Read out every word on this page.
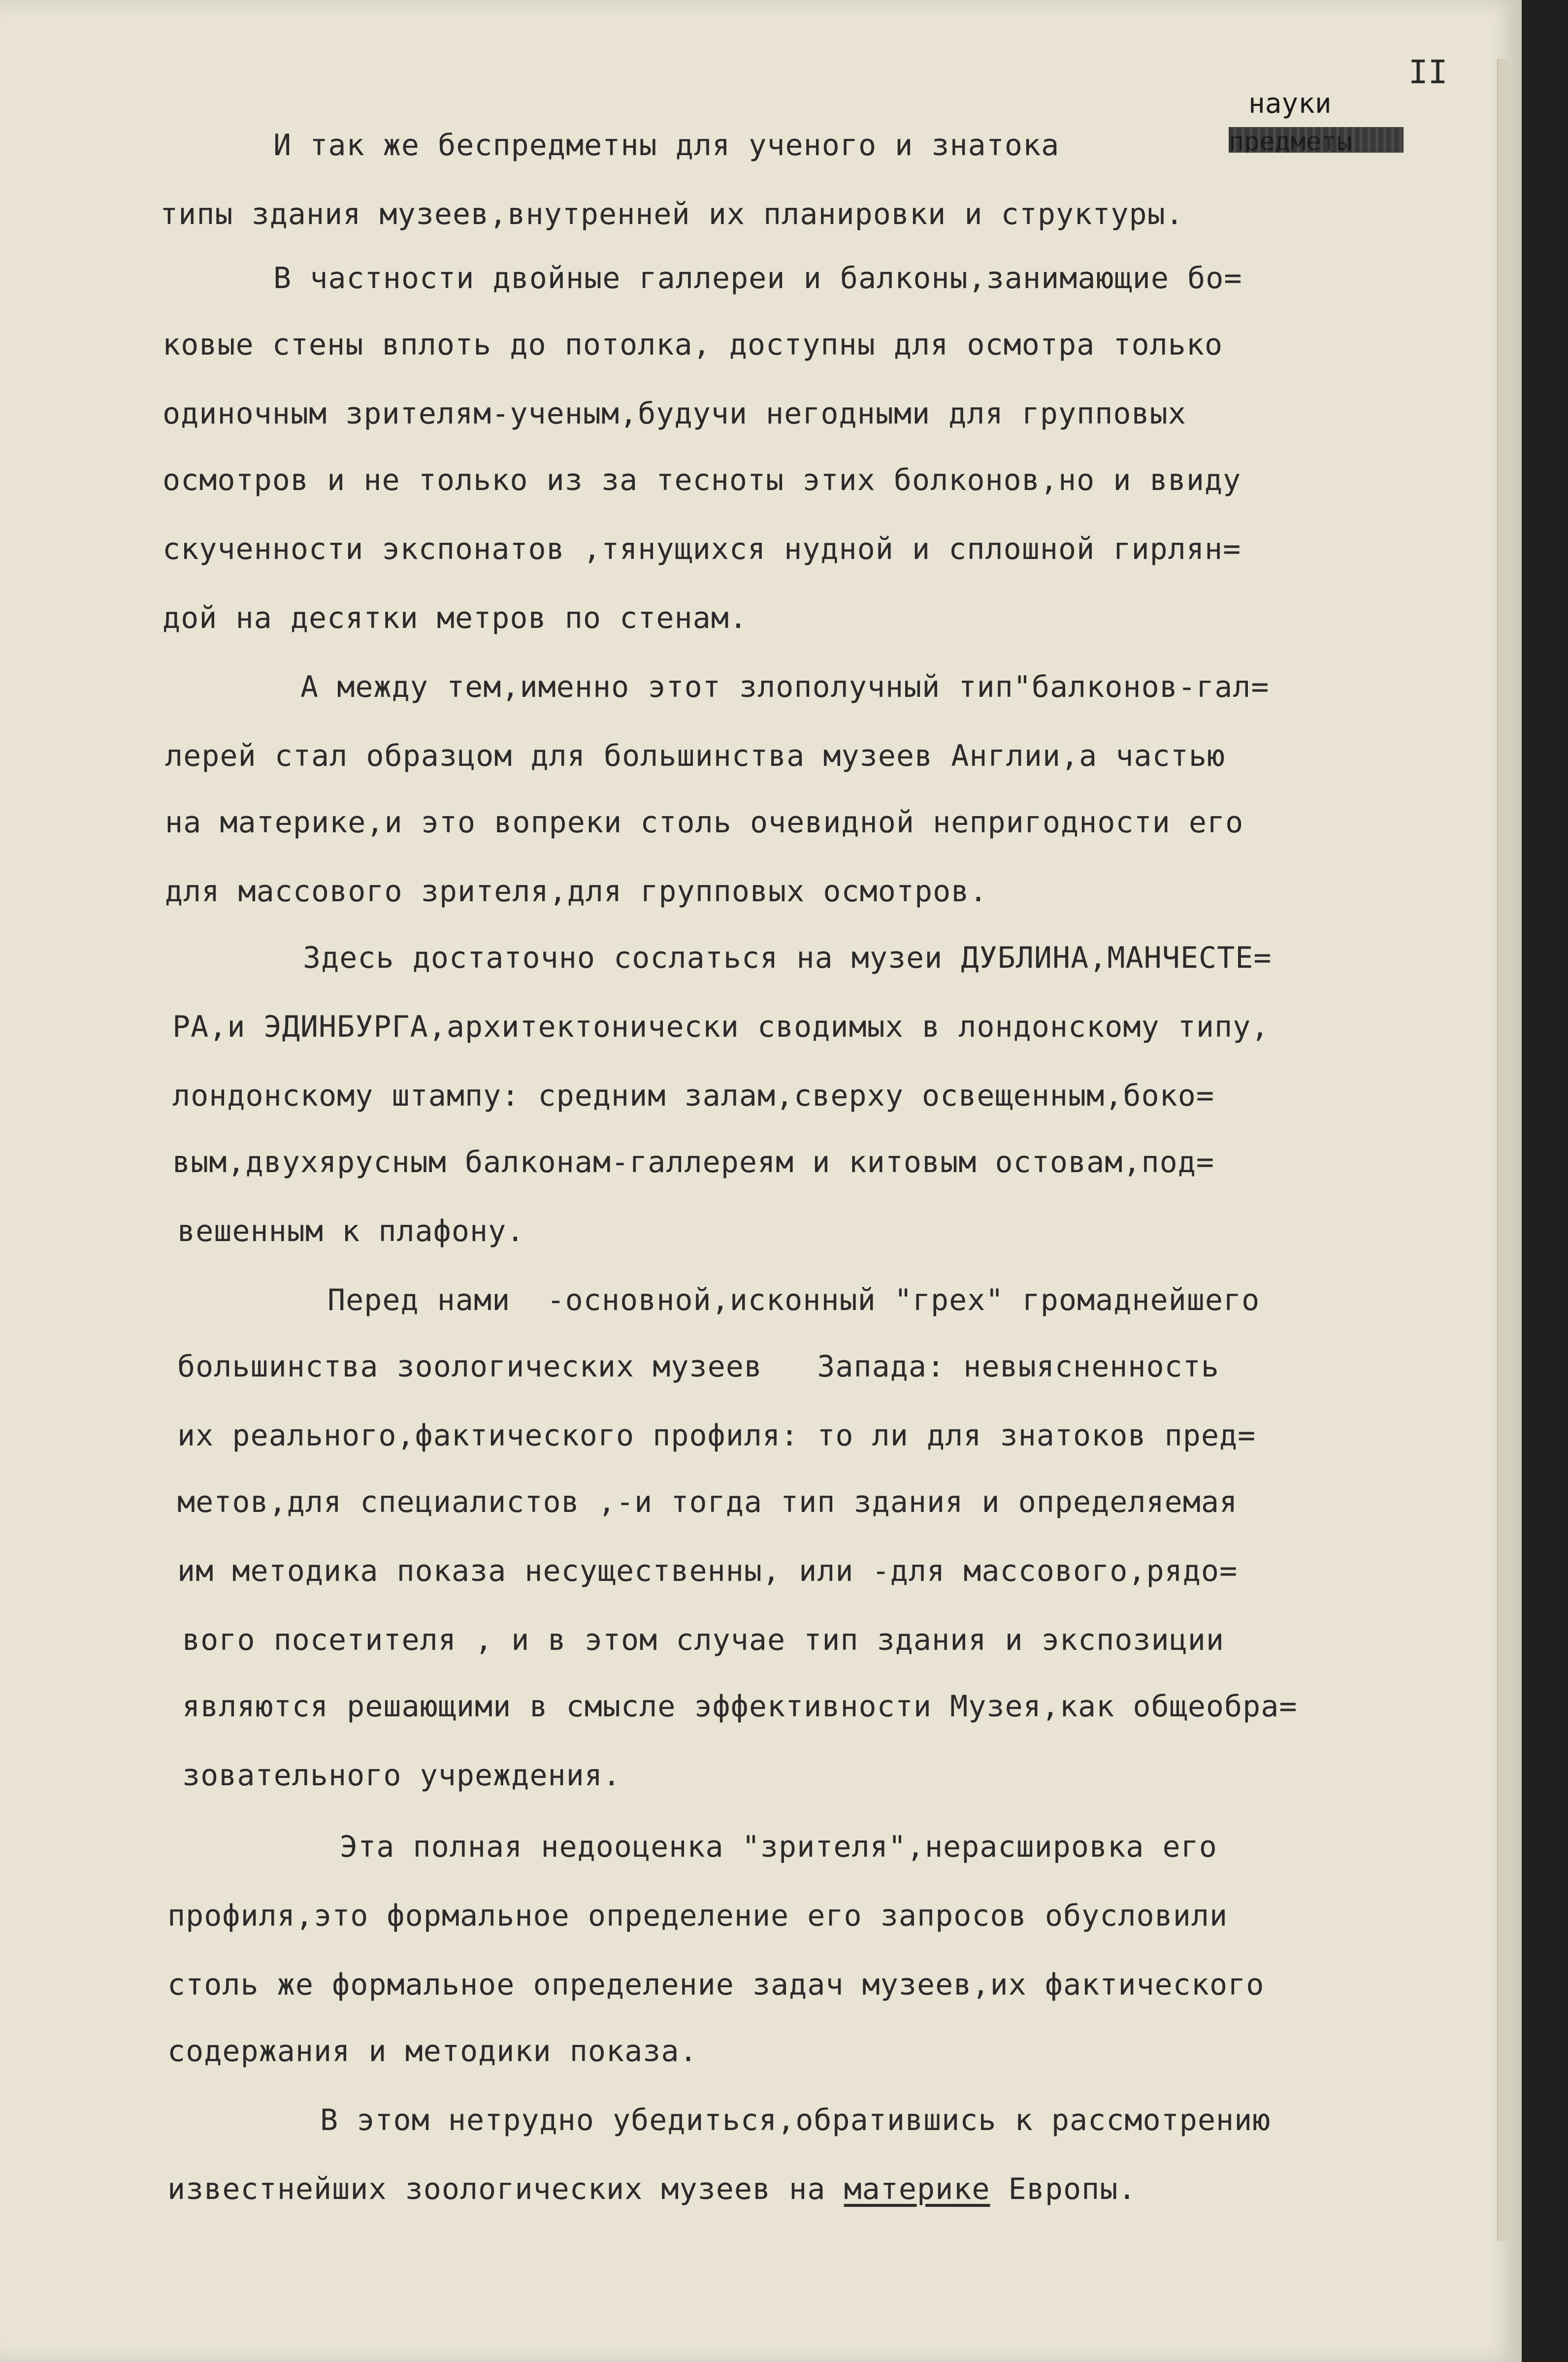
II
науки
И так же беспредметны для ученого и знатока
типы здания музеев,внутренней их планировки и структуры.
В частности двойные галлереи и балконы,занимающие бо=
ковые стены вплоть до потолка, доступны для осмотра только
одиночным зрителям-ученым,будучи негодными для групповых
осмотров и не только из за тесноты этих болконов,но и ввиду
скученности экспонатов ,тянущихся нудной и сплошной гирлян=
дой на десятки метров по стенам.
А между тем,именно этот злополучный тип"балконов-гал=
лерей стал образцом для большинства музеев Англии,а частью
на материке,и это вопреки столь очевидной непригодности его
для массового зрителя,для групповых осмотров.
Здесь достаточно сослаться на музеи ДУБЛИНА,МАНЧЕСТЕ=
РА,и ЭДИНБУРГА,архитектонически сводимых в лондонскому типу,
лондонскому штампу: средним залам,сверху освещенным,боко=
вым,двухярусным балконам-галлереям и китовым остовам,под=
вешенным к плафону.
Перед нами  -основной,исконный "грех" громаднейшего
большинства зоологических музеев   Запада: невыясненность
их реального,фактического профиля: то ли для знатоков пред=
метов,для специалистов ,-и тогда тип здания и определяемая
им методика показа несущественны, или -для массового,рядо=
вого посетителя , и в этом случае тип здания и экспозиции
являются решающими в смысле эффективности Музея,как общеобра=
зовательного учреждения.
Эта полная недооценка "зрителя",нерасшировка его
профиля,это формальное определение его запросов обусловили
столь же формальное определение задач музеев,их фактического
содержания и методики показа.
В этом нетрудно убедиться,обратившись к рассмотрению
известнейших зоологических музеев на материке Европы.
